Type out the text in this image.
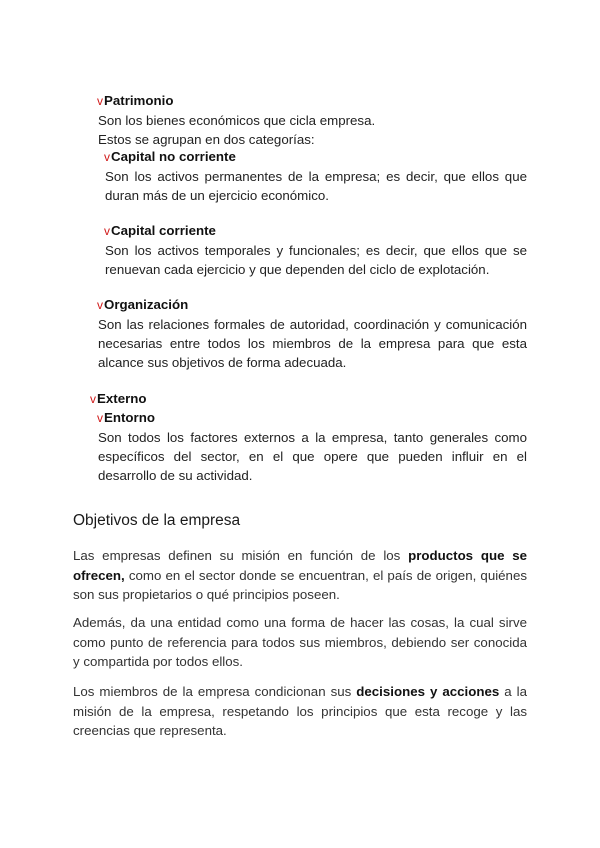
vPatrimonio
Son los bienes económicos que cicla empresa.
Estos se agrupan en dos categorías:
vCapital no corriente
Son los activos permanentes de la empresa; es decir, que ellos que duran más de un ejercicio económico.
vCapital corriente
Son los activos temporales y funcionales; es decir, que ellos que se renuevan cada ejercicio y que dependen del ciclo de explotación.
vOrganización
Son las relaciones formales de autoridad, coordinación y comunicación necesarias entre todos los miembros de la empresa para que esta alcance sus objetivos de forma adecuada.
vExterno
vEntorno
Son todos los factores externos a la empresa, tanto generales como específicos del sector, en el que opere que pueden influir en el desarrollo de su actividad.
Objetivos de la empresa
Las empresas definen su misión en función de los productos que se ofrecen, como en el sector donde se encuentran, el país de origen, quiénes son sus propietarios o qué principios poseen.
Además, da una entidad como una forma de hacer las cosas, la cual sirve como punto de referencia para todos sus miembros, debiendo ser conocida y compartida por todos ellos.
Los miembros de la empresa condicionan sus decisiones y acciones a la misión de la empresa, respetando los principios que esta recoge y las creencias que representa.
